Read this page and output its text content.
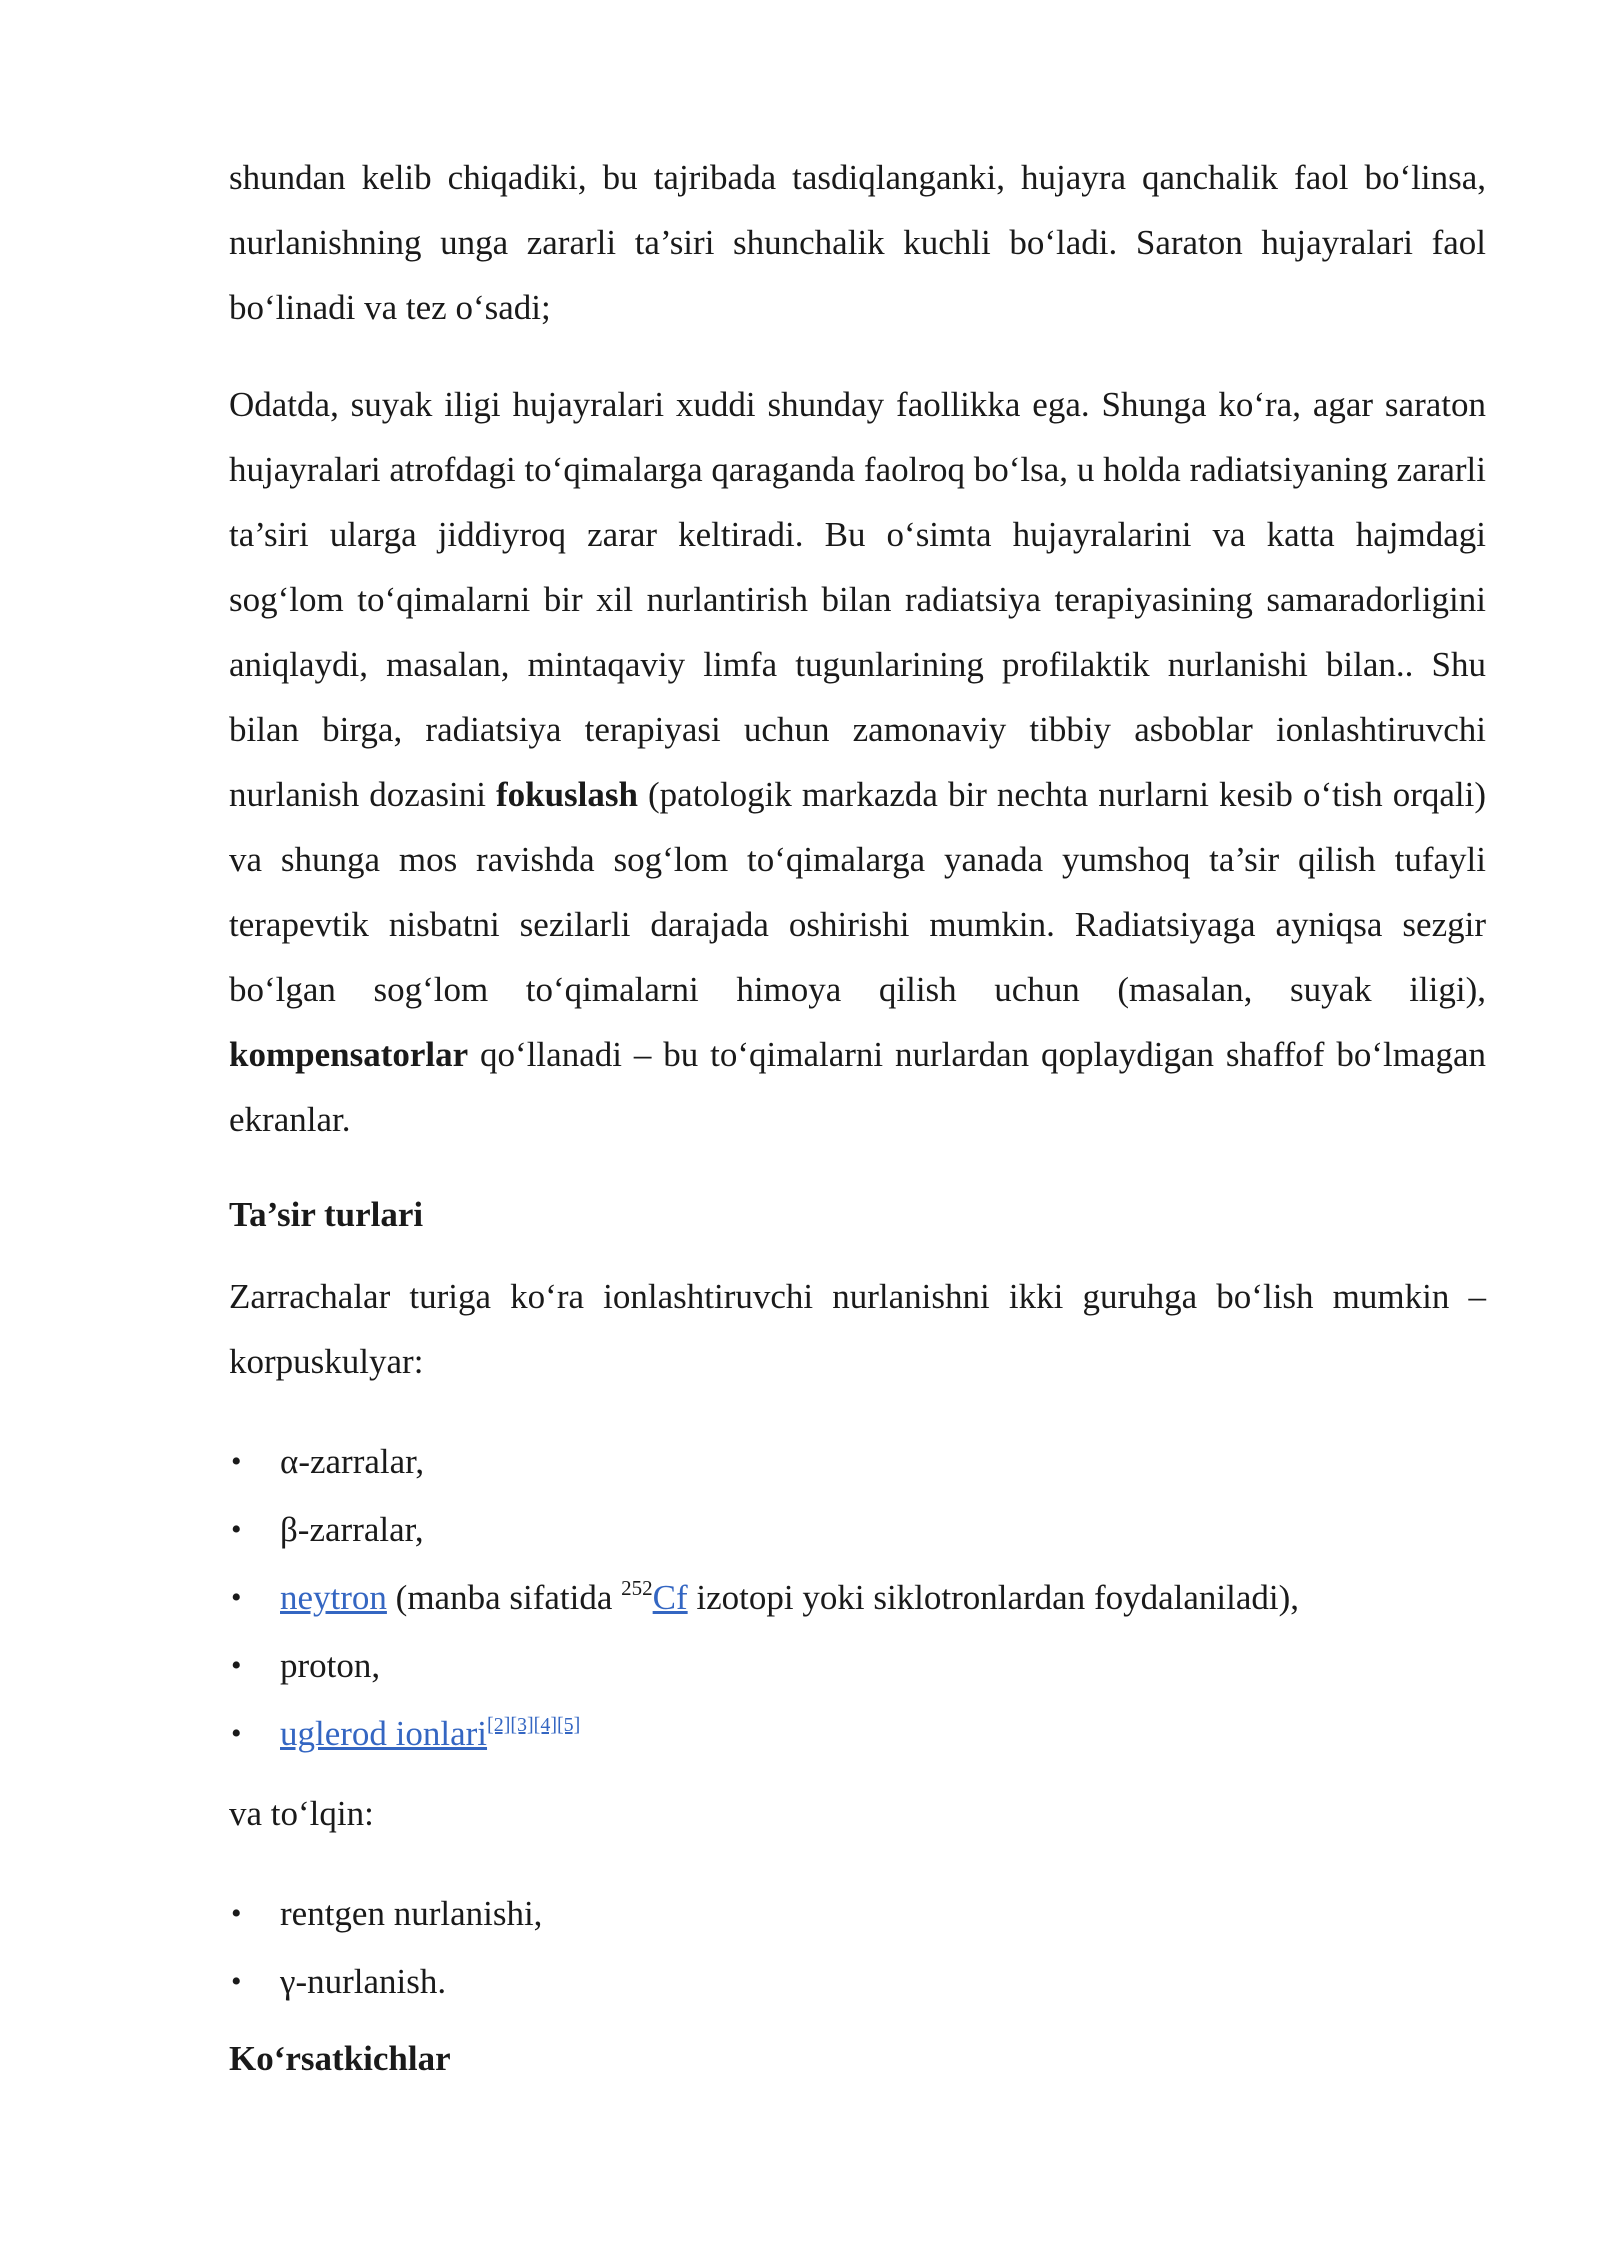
shundan kelib chiqadiki, bu tajribada tasdiqlanganki, hujayra qanchalik faol bo‘linsa, nurlanishning unga zararli ta’siri shunchalik kuchli bo‘ladi. Saraton hujayralari faol bo‘linadi va tez o‘sadi;

Odatda, suyak iligi hujayralari xuddi shunday faollikka ega. Shunga ko‘ra, agar saraton hujayralari atrofdagi to‘qimalarga qaraganda faolroq bo‘lsa, u holda radiatsiyaning zararli ta’siri ularga jiddiyroq zarar keltiradi. Bu o‘simta hujayralarini va katta hajmdagi sog‘lom to‘qimalarni bir xil nurlantirish bilan radiatsiya terapiyasining samaradorligini aniqlaydi, masalan, mintaqaviy limfa tugunlarining profilaktik nurlanishi bilan.. Shu bilan birga, radiatsiya terapiyasi uchun zamonaviy tibbiy asboblar ionlashtiruvchi nurlanish dozasini fokuslash (patologik markazda bir nechta nurlarni kesib o‘tish orqali) va shunga mos ravishda sog‘lom to‘qimalarga yanada yumshoq ta’sir qilish tufayli terapevtik nisbatni sezilarli darajada oshirishi mumkin. Radiatsiyaga ayniqsa sezgir bo‘lgan sog‘lom to‘qimalarni himoya qilish uchun (masalan, suyak iligi), kompensatorlar qo‘llanadi – bu to‘qimalarni nurlardan qoplaydigan shaffof bo‘lmagan ekranlar.

Ta’sir turlari

Zarrachalar turiga ko‘ra ionlashtiruvchi nurlanishni ikki guruhga bo‘lish mumkin – korpuskulyar:

• α-zarralar,
• β-zarralar,
• neytron (manba sifatida $^{252}$Cf izotopi yoki siklotronlardan foydalaniladi),
• proton,
• uglerod ionlari[2][3][4][5]

va to‘lqin:

• rentgen nurlanishi,
• γ-nurlanish.
Ko‘rsatkichlar
